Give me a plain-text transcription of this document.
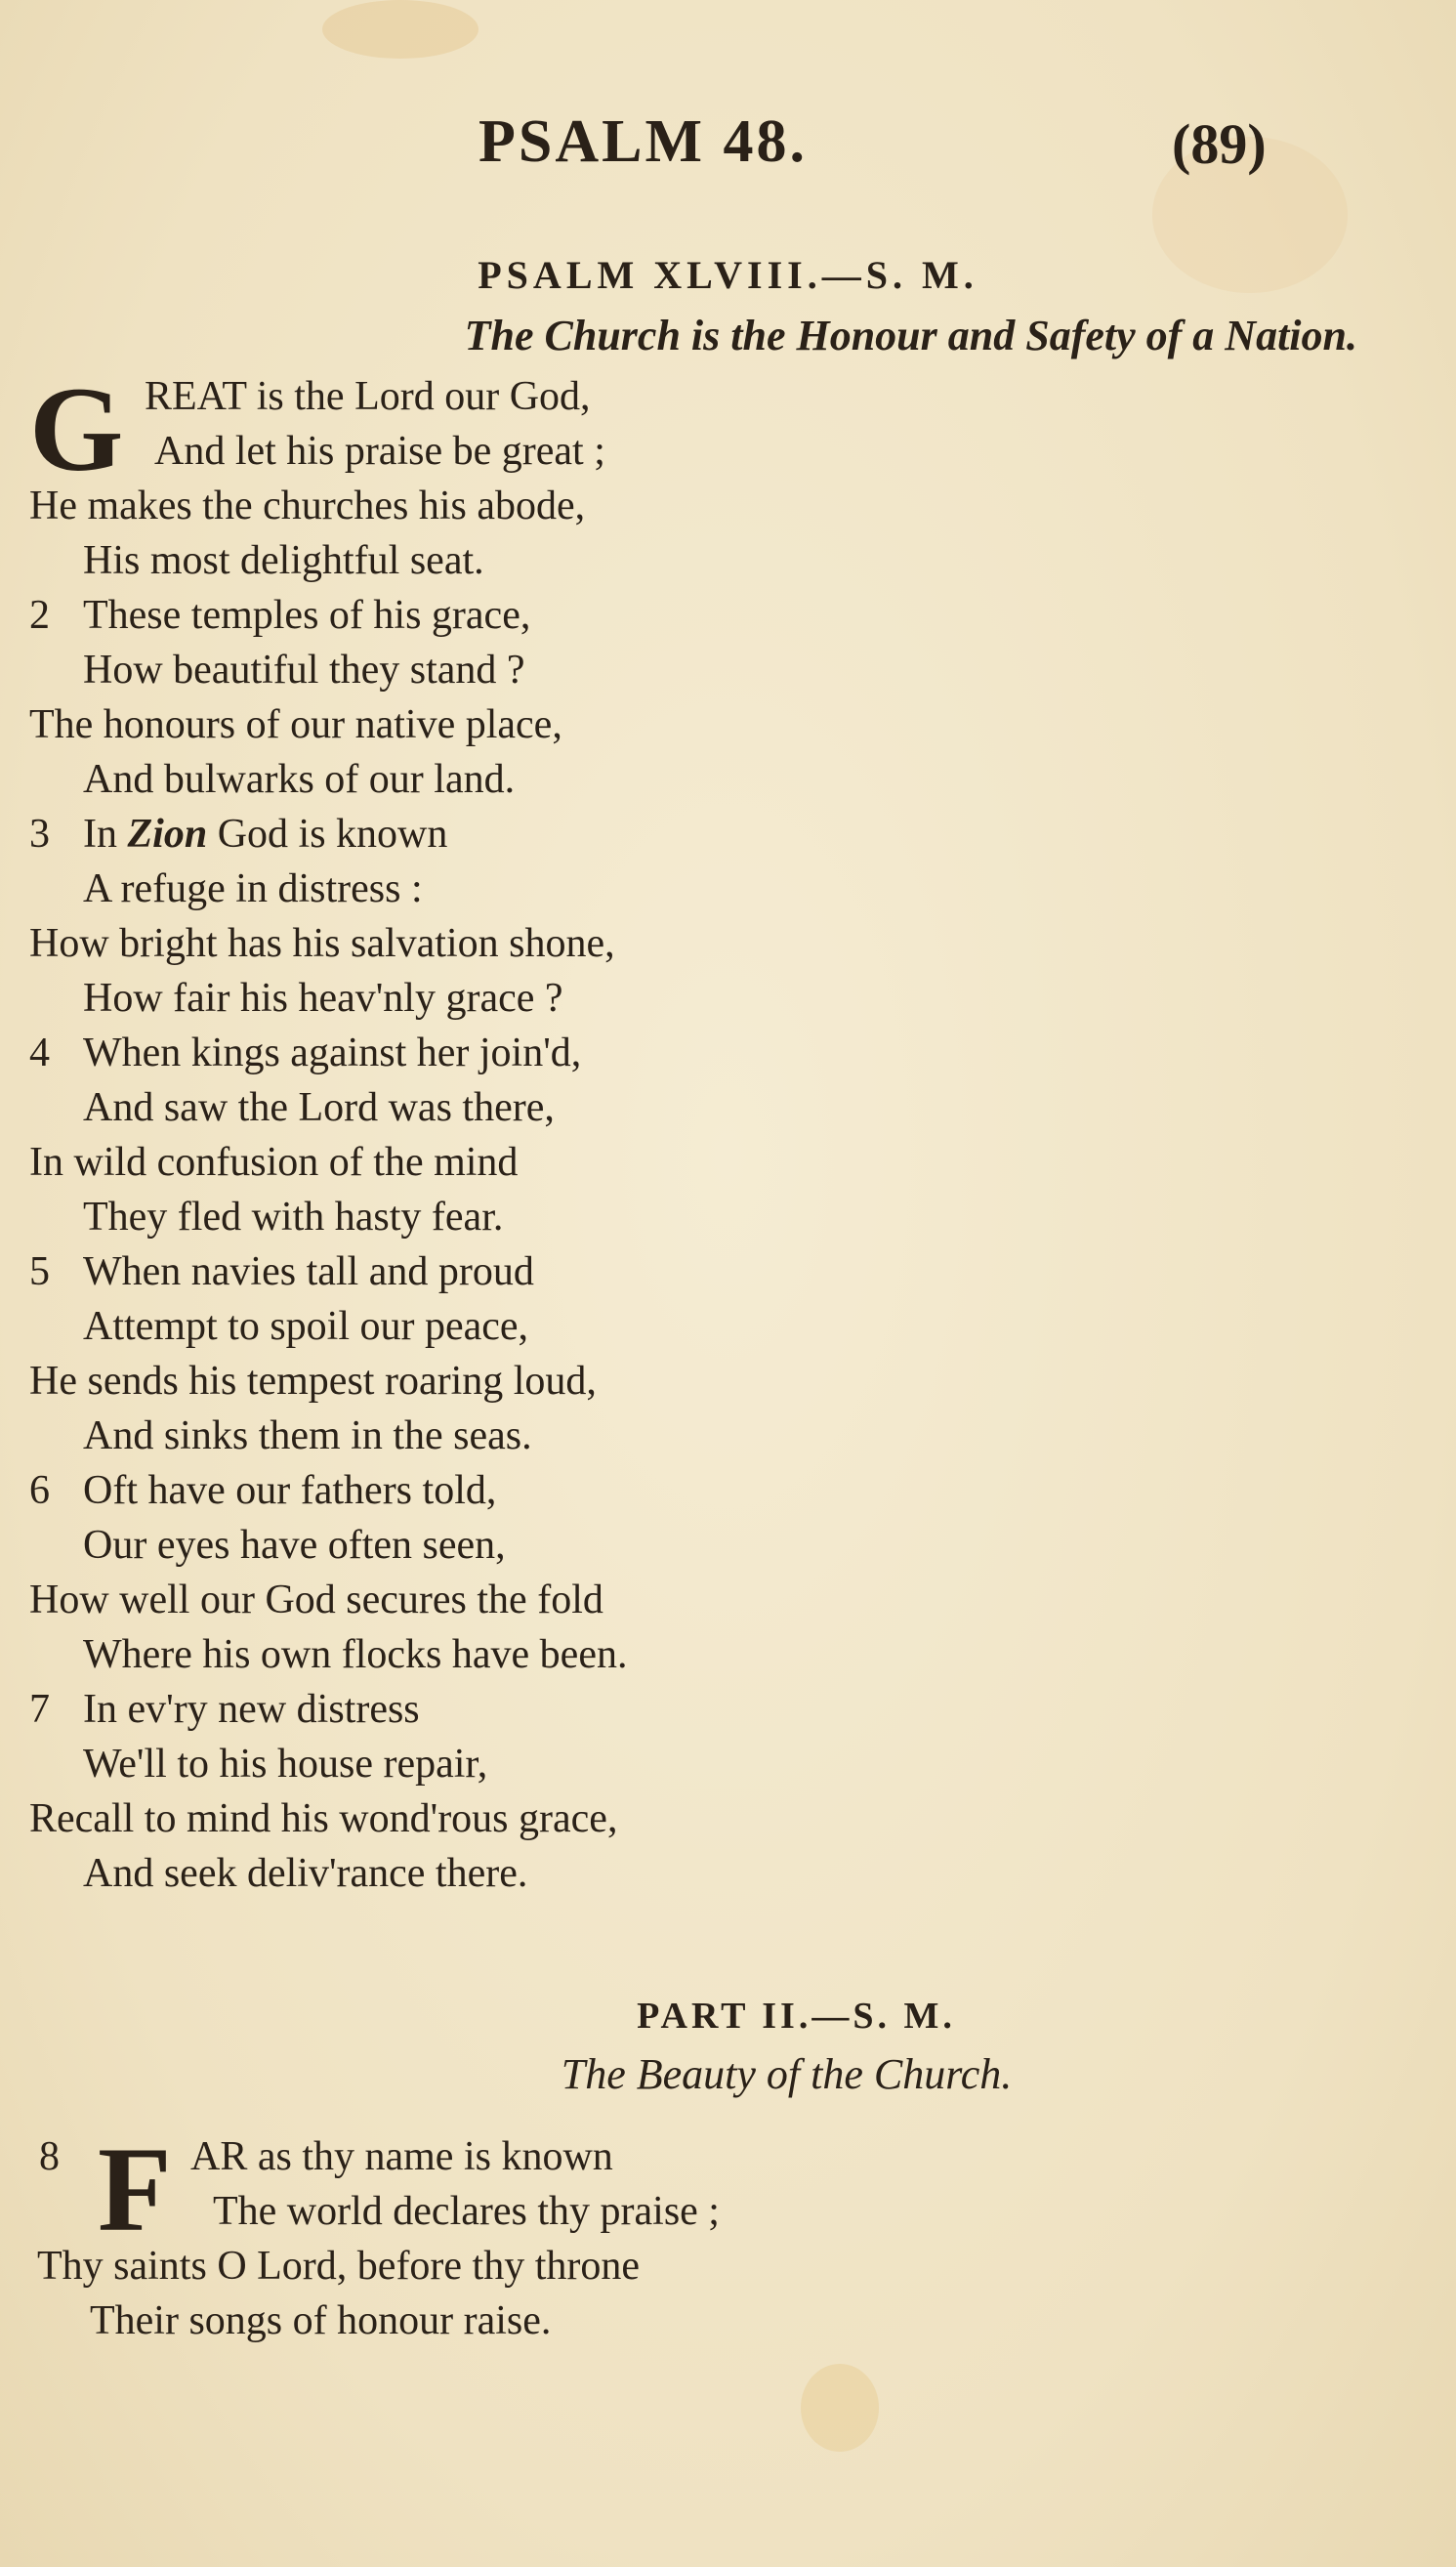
PSALM 48.	(89)
PSALM XLVIII.—S. M.
The Church is the Honour and Safety of a Nation.
G REAT is the Lord our God,
And let his praise be great ;
He makes the churches his abode,
His most delightful seat.
2 These temples of his grace,
How beautiful they stand ?
The honours of our native place,
And bulwarks of our land.
3 In Zion God is known
A refuge in distress :
How bright has his salvation shone,
How fair his heav'nly grace ?
4 When kings against her join'd,
And saw the Lord was there,
In wild confusion of the mind
They fled with hasty fear.
5 When navies tall and proud
Attempt to spoil our peace,
He sends his tempest roaring loud,
And sinks them in the seas.
6 Oft have our fathers told,
Our eyes have often seen,
How well our God secures the fold
Where his own flocks have been.
7 In ev'ry new distress
We'll to his house repair,
Recall to mind his wond'rous grace,
And seek deliv'rance there.
PART II.—S. M.
The Beauty of the Church.
8 F AR as thy name is known
The world declares thy praise ;
Thy saints O Lord, before thy throne
Their songs of honour raise.
